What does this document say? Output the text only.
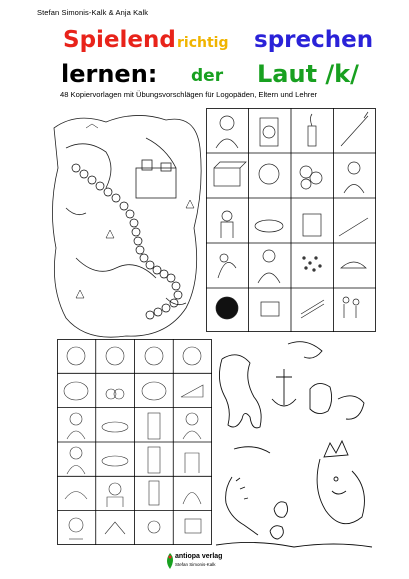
Stefan Simonis-Kalk & Anja Kalk
Spielend richtig sprechen
lernen: der Laut /k/
48 Kopiervorlagen mit Übungsvorschlägen für Logopäden, Eltern und Lehrer
antiopa verlag
Stefan Simonis-Kalk
